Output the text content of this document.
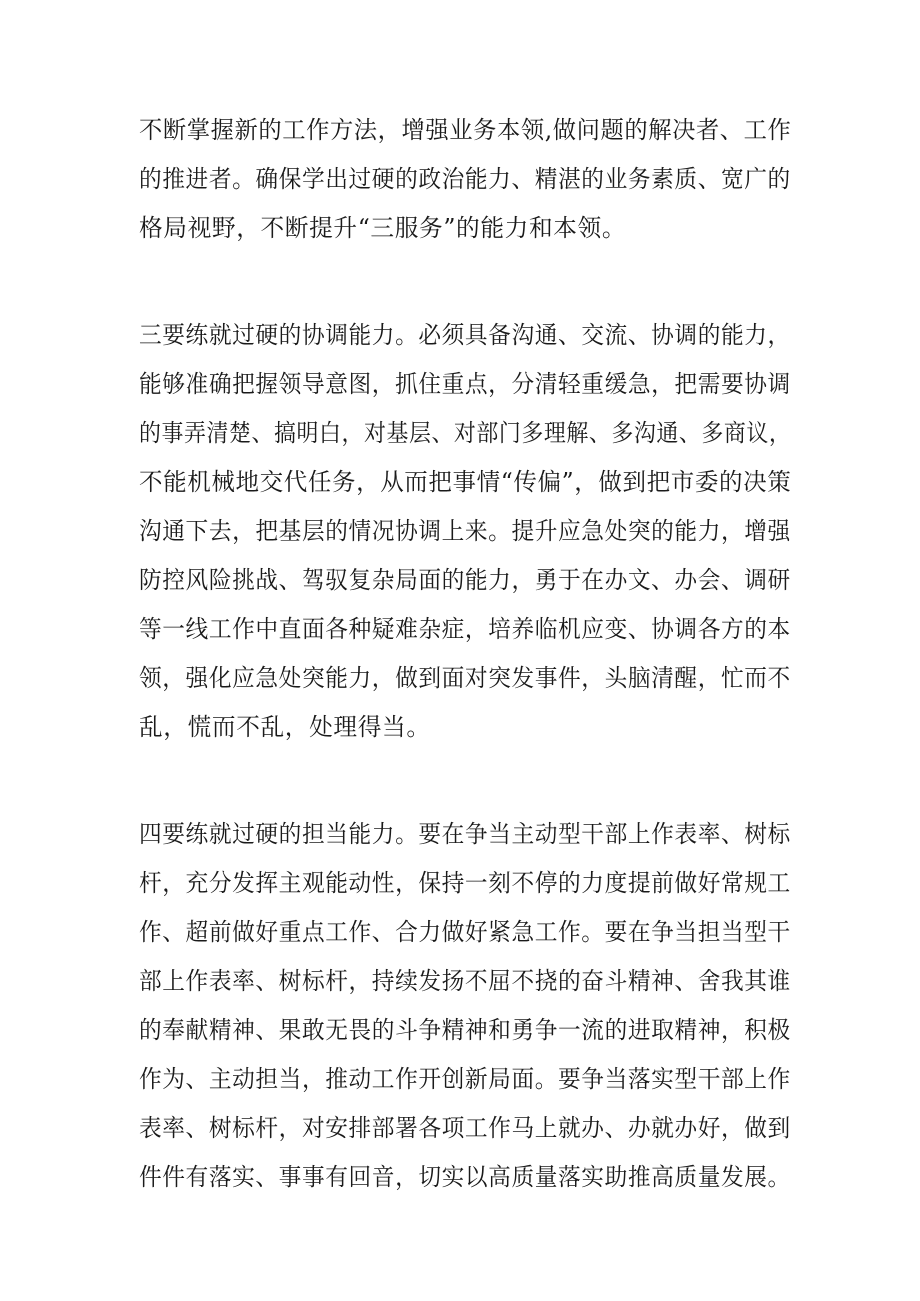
不断掌握新的工作方法，增强业务本领,做问题的解决者、工作
的推进者。确保学出过硬的政治能力、精湛的业务素质、宽广的
格局视野，不断提升“三服务”的能力和本领。
三要练就过硬的协调能力。必须具备沟通、交流、协调的能力，
能够准确把握领导意图，抓住重点，分清轻重缓急，把需要协调
的事弄清楚、搞明白，对基层、对部门多理解、多沟通、多商议，
不能机械地交代任务，从而把事情“传偏”，做到把市委的决策
沟通下去，把基层的情况协调上来。提升应急处突的能力，增强
防控风险挑战、驾驭复杂局面的能力，勇于在办文、办会、调研
等一线工作中直面各种疑难杂症，培养临机应变、协调各方的本
领，强化应急处突能力，做到面对突发事件，头脑清醒，忙而不
乱，慌而不乱，处理得当。
四要练就过硬的担当能力。要在争当主动型干部上作表率、树标
杆，充分发挥主观能动性，保持一刻不停的力度提前做好常规工
作、超前做好重点工作、合力做好紧急工作。要在争当担当型干
部上作表率、树标杆，持续发扬不屈不挠的奋斗精神、舍我其谁
的奉献精神、果敢无畏的斗争精神和勇争一流的进取精神，积极
作为、主动担当，推动工作开创新局面。要争当落实型干部上作
表率、树标杆，对安排部署各项工作马上就办、办就办好，做到
件件有落实、事事有回音，切实以高质量落实助推高质量发展。
